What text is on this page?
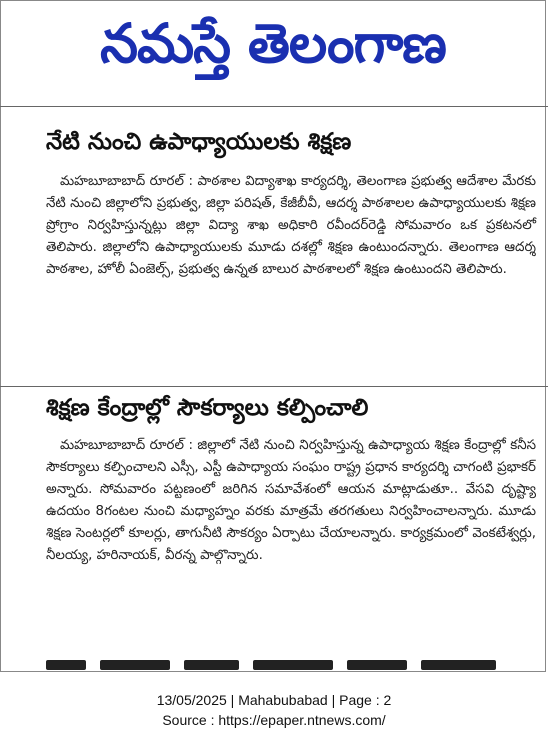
నమస్తే తెలంగాణ
నేటి నుంచి ఉపాధ్యాయులకు శిక్షణ

మహబూబాబాద్ రూరల్ : పాఠశాల విద్యాశాఖ కార్యదర్శి, తెలంగాణ ప్రభుత్వ ఆదేశాల మేరకు నేటి నుంచి జిల్లాలోని ప్రభుత్వ, జిల్లా పరిషత్, కేజీబీవీ, ఆదర్శ పాఠశాలల ఉపాధ్యాయులకు శిక్షణ ప్రోగ్రాం నిర్వహిస్తున్నట్లు జిల్లా విద్యా శాఖ అధికారి రవీందర్‌రెడ్డి సోమవారం ఒక ప్రకటనలో తెలిపారు. జిల్లాలోని ఉపాధ్యాయులకు మూడు దశల్లో శిక్షణ ఉంటుందన్నారు. తెలంగాణ ఆదర్శ పాఠశాల, హోలీ ఏంజెల్స్, ప్రభుత్వ ఉన్నత బాలుర పాఠశాలలో శిక్షణ ఉంటుందని తెలిపారు.

శిక్షణ కేంద్రాల్లో సౌకర్యాలు కల్పించాలి

మహబూబాబాద్ రూరల్ : జిల్లాలో నేటి నుంచి నిర్వహిస్తున్న ఉపాధ్యాయ శిక్షణ కేంద్రాల్లో కనీస సౌకర్యాలు కల్పించాలని ఎస్సీ, ఎస్టీ ఉపాధ్యాయ సంఘం రాష్ట్ర ప్రధాన కార్యదర్శి చాగంటి ప్రభాకర్ అన్నారు. సోమవారం పట్టణంలో జరిగిన సమావేశంలో ఆయన మాట్లాడుతూ.. వేసవి దృష్ట్యా ఉదయం 8గంటల నుంచి మధ్యాహ్నం వరకు మాత్రమే తరగతులు నిర్వహించాలన్నారు. మూడు శిక్షణ సెంటర్లలో కూలర్లు, తాగునీటి సౌకర్యం ఏర్పాటు చేయాలన్నారు. కార్యక్రమంలో వెంకటేశ్వర్లు, నీలయ్య, హరినాయక్, వీరన్న పాల్గొన్నారు.

13/05/2025 | Mahabubabad | Page : 2
Source : https://epaper.ntnews.com/
